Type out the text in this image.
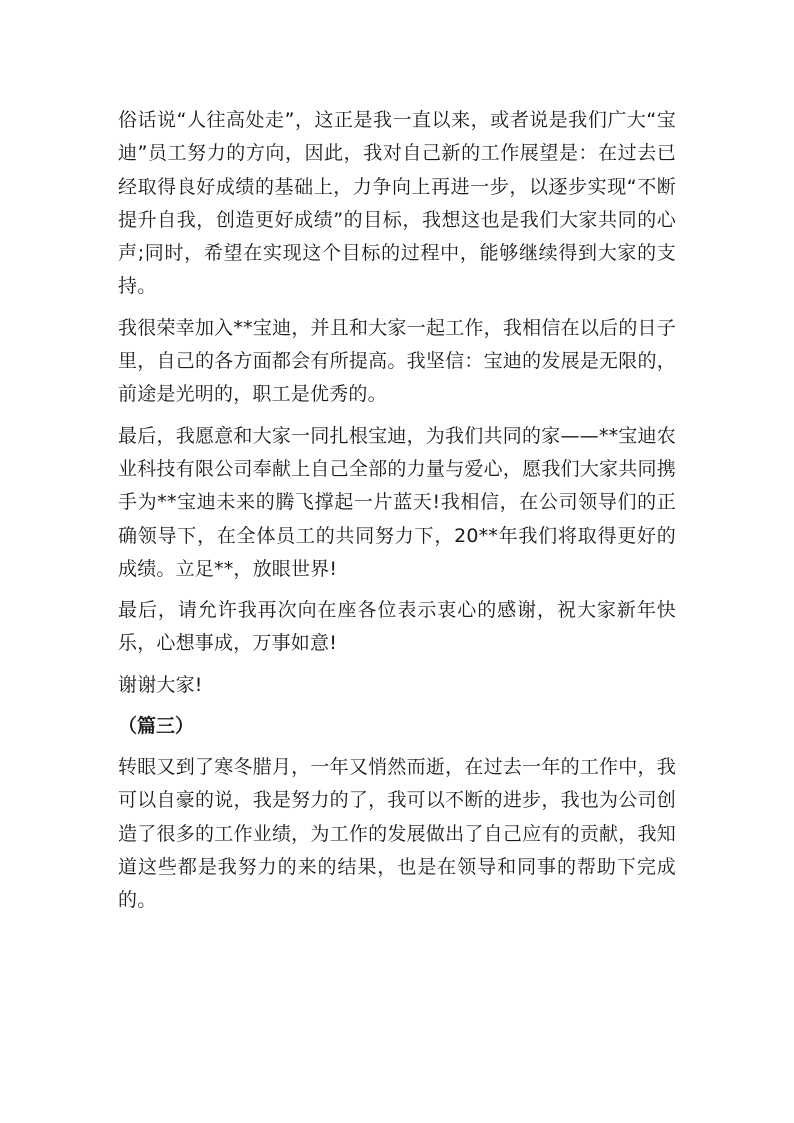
俗话说“人往高处走”，这正是我一直以来，或者说是我们广大“宝迪”员工努力的方向，因此，我对自己新的工作展望是：在过去已经取得良好成绩的基础上，力争向上再进一步，以逐步实现“不断提升自我，创造更好成绩”的目标，我想这也是我们大家共同的心声;同时，希望在实现这个目标的过程中，能够继续得到大家的支持。

我很荣幸加入**宝迪，并且和大家一起工作，我相信在以后的日子里，自己的各方面都会有所提高。我坚信：宝迪的发展是无限的，前途是光明的，职工是优秀的。

最后，我愿意和大家一同扎根宝迪，为我们共同的家——**宝迪农业科技有限公司奉献上自己全部的力量与爱心，愿我们大家共同携手为**宝迪未来的腾飞撑起一片蓝天!我相信，在公司领导们的正确领导下，在全体员工的共同努力下，20**年我们将取得更好的成绩。立足**，放眼世界!

最后，请允许我再次向在座各位表示衷心的感谢，祝大家新年快乐，心想事成，万事如意!

谢谢大家!

（篇三）

转眼又到了寒冬腊月，一年又悄然而逝，在过去一年的工作中，我可以自豪的说，我是努力的了，我可以不断的进步，我也为公司创造了很多的工作业绩，为工作的发展做出了自己应有的贡献，我知道这些都是我努力的来的结果，也是在领导和同事的帮助下完成的。
